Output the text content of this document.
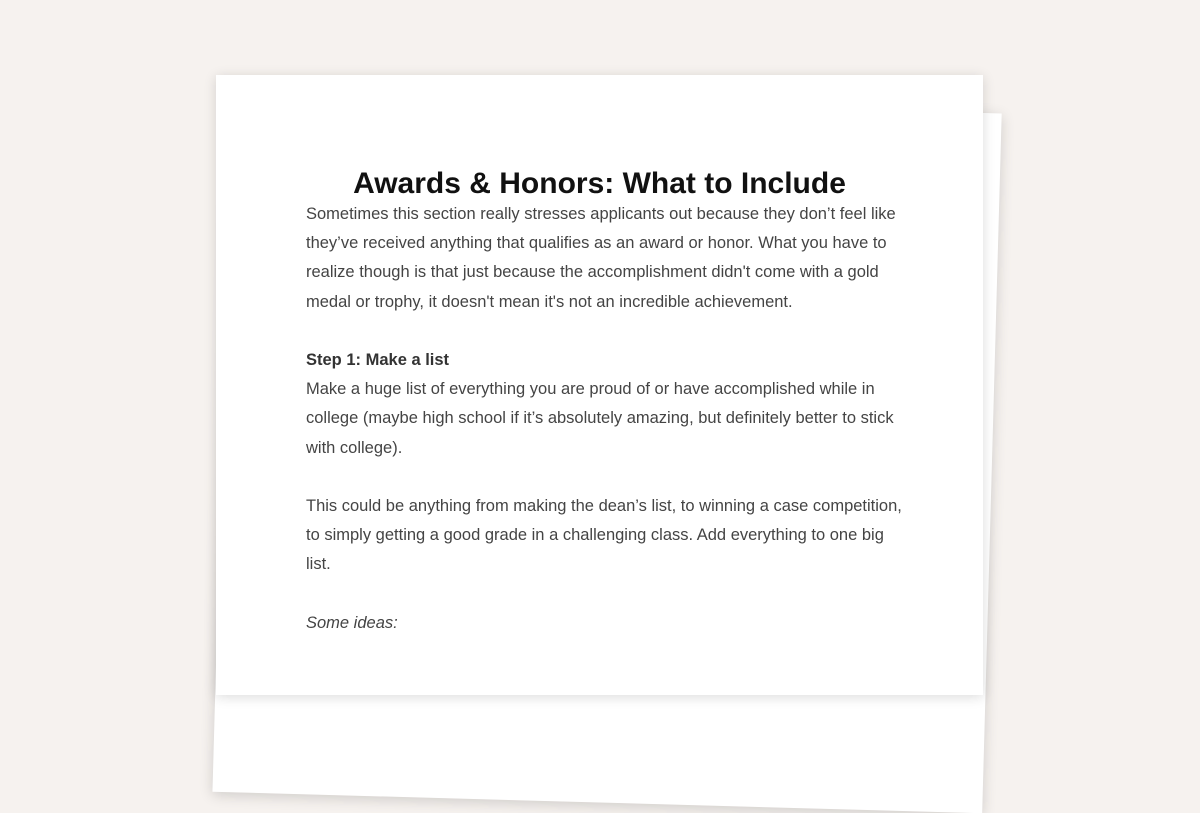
Awards & Honors: What to Include

Sometimes this section really stresses applicants out because they don’t feel like they’ve received anything that qualifies as an award or honor. What you have to realize though is that just because the accomplishment didn't come with a gold medal or trophy, it doesn't mean it's not an incredible achievement.

Step 1: Make a list
Make a huge list of everything you are proud of or have accomplished while in college (maybe high school if it’s absolutely amazing, but definitely better to stick with college).

This could be anything from making the dean’s list, to winning a case competition, to simply getting a good grade in a challenging class. Add everything to one big list.

Some ideas:
